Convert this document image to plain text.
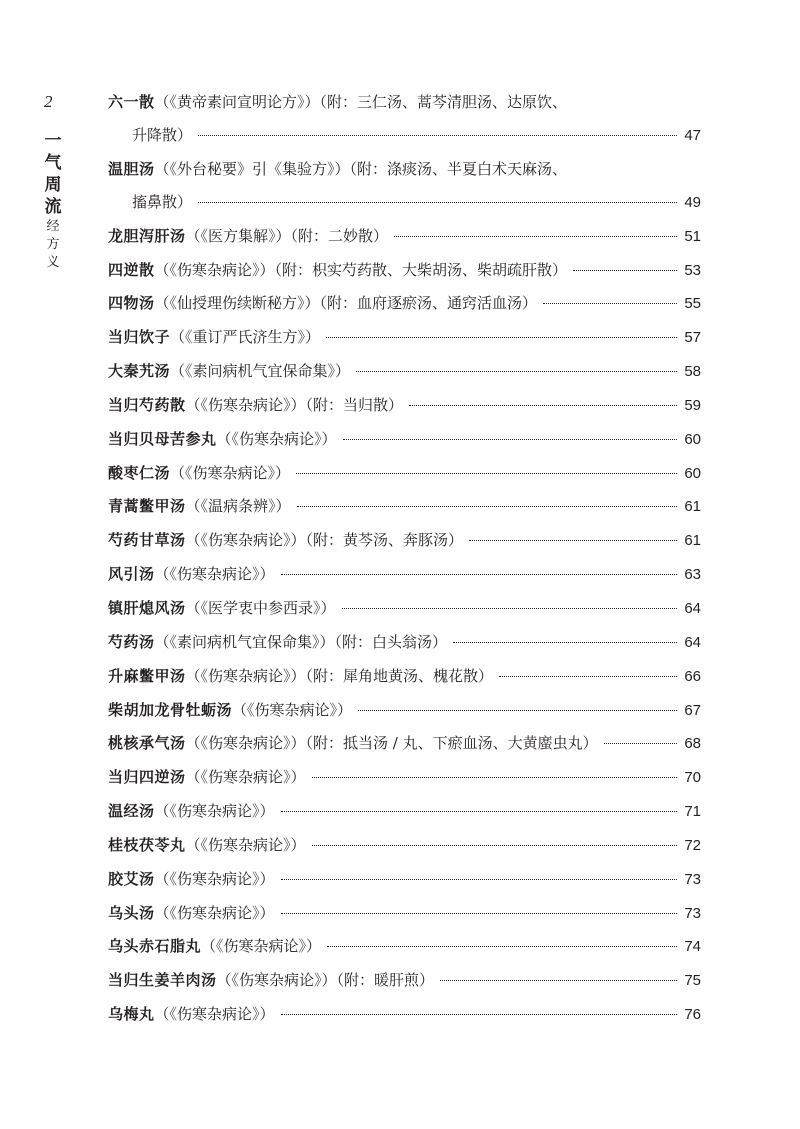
2
一
气
周
流
经
方
义
六一散（《黄帝素问宣明论方》）（附：三仁汤、蒿芩清胆汤、达原饮、
升降散）	47
温胆汤（《外台秘要》引《集验方》）（附：涤痰汤、半夏白术天麻汤、
搐鼻散）	49
龙胆泻肝汤 （《医方集解》）（附：二妙散）	51
四逆散 （《伤寒杂病论》）（附：枳实芍药散、大柴胡汤、柴胡疏肝散）	53
四物汤 （《仙授理伤续断秘方》）（附：血府逐瘀汤、通窍活血汤）	55
当归饮子 （《重订严氏济生方》）	57
大秦艽汤 （《素问病机气宜保命集》）	58
当归芍药散 （《伤寒杂病论》）（附：当归散）	59
当归贝母苦参丸 （《伤寒杂病论》）	60
酸枣仁汤 （《伤寒杂病论》）	60
青蒿鳖甲汤 （《温病条辨》）	61
芍药甘草汤 （《伤寒杂病论》）（附：黄芩汤、奔豚汤）	61
风引汤 （《伤寒杂病论》）	63
镇肝熄风汤 （《医学衷中参西录》）	64
芍药汤 （《素问病机气宜保命集》）（附：白头翁汤）	64
升麻鳖甲汤 （《伤寒杂病论》）（附：犀角地黄汤、槐花散）	66
柴胡加龙骨牡蛎汤 （《伤寒杂病论》）	67
桃核承气汤 （《伤寒杂病论》）（附：抵当汤 / 丸、下瘀血汤、大黄䗪虫丸）	68
当归四逆汤 （《伤寒杂病论》）	70
温经汤 （《伤寒杂病论》）	71
桂枝茯苓丸 （《伤寒杂病论》）	72
胶艾汤 （《伤寒杂病论》）	73
乌头汤 （《伤寒杂病论》）	73
乌头赤石脂丸 （《伤寒杂病论》）	74
当归生姜羊肉汤 （《伤寒杂病论》）（附：暖肝煎）	75
乌梅丸 （《伤寒杂病论》）	76
